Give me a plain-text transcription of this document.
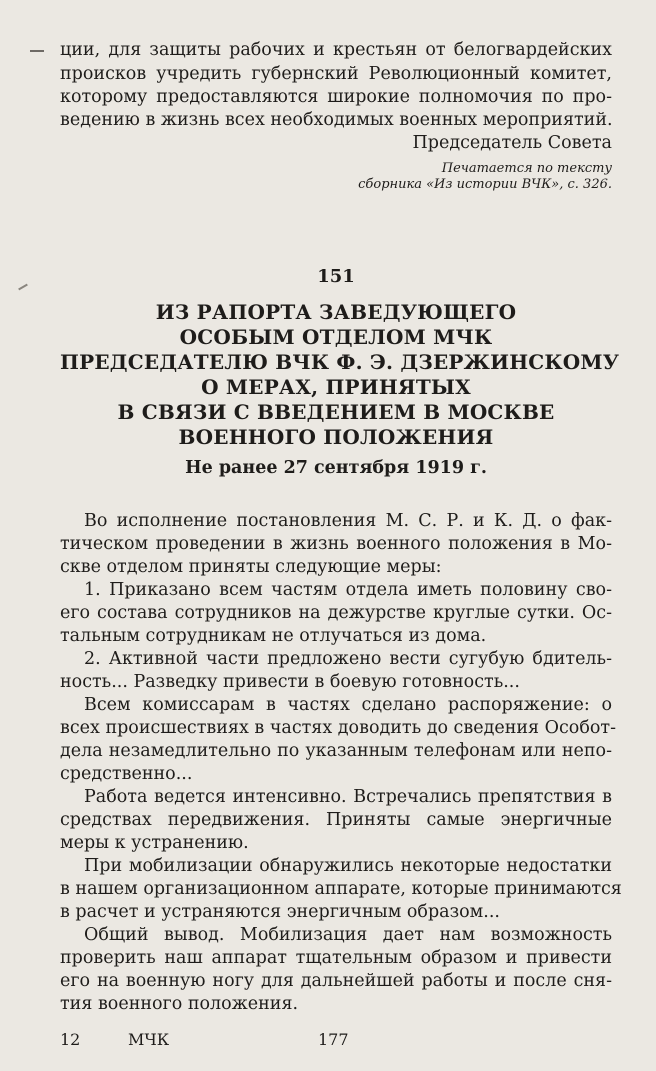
ции, для защиты рабочих и крестьян от белогвардейских
происков учредить губернский Революционный комитет,
которому предоставляются широкие полномочия по про-
ведению в жизнь всех необходимых военных мероприятий.
Председатель Совета
Печатается по тексту
сборника «Из истории ВЧК», с. 326.
151
ИЗ РАПОРТА ЗАВЕДУЮЩЕГО
ОСОБЫМ ОТДЕЛОМ МЧК
ПРЕДСЕДАТЕЛЮ ВЧК Ф. Э. ДЗЕРЖИНСКОМУ
О МЕРАХ, ПРИНЯТЫХ
В СВЯЗИ С ВВЕДЕНИЕМ В МОСКВЕ
ВОЕННОГО ПОЛОЖЕНИЯ
Не ранее 27 сентября 1919 г.
Во исполнение постановления М. С. Р. и К. Д. о фак-
тическом проведении в жизнь военного положения в Мо-
скве отделом приняты следующие меры:
1. Приказано всем частям отдела иметь половину сво-
его состава сотрудников на дежурстве круглые сутки. Ос-
тальным сотрудникам не отлучаться из дома.
2. Активной части предложено вести сугубую бдитель-
ность... Разведку привести в боевую готовность...
Всем комиссарам в частях сделано распоряжение: о
всех происшествиях в частях доводить до сведения Особот-
дела незамедлительно по указанным телефонам или непо-
средственно...
Работа ведется интенсивно. Встречались препятствия в
средствах передвижения. Приняты самые энергичные
меры к устранению.
При мобилизации обнаружились некоторые недостатки
в нашем организационном аппарате, которые принимаются
в расчет и устраняются энергичным образом...
Общий вывод. Мобилизация дает нам возможность
проверить наш аппарат тщательным образом и привести
его на военную ногу для дальнейшей работы и после сня-
тия военного положения.
12	МЧК	177
